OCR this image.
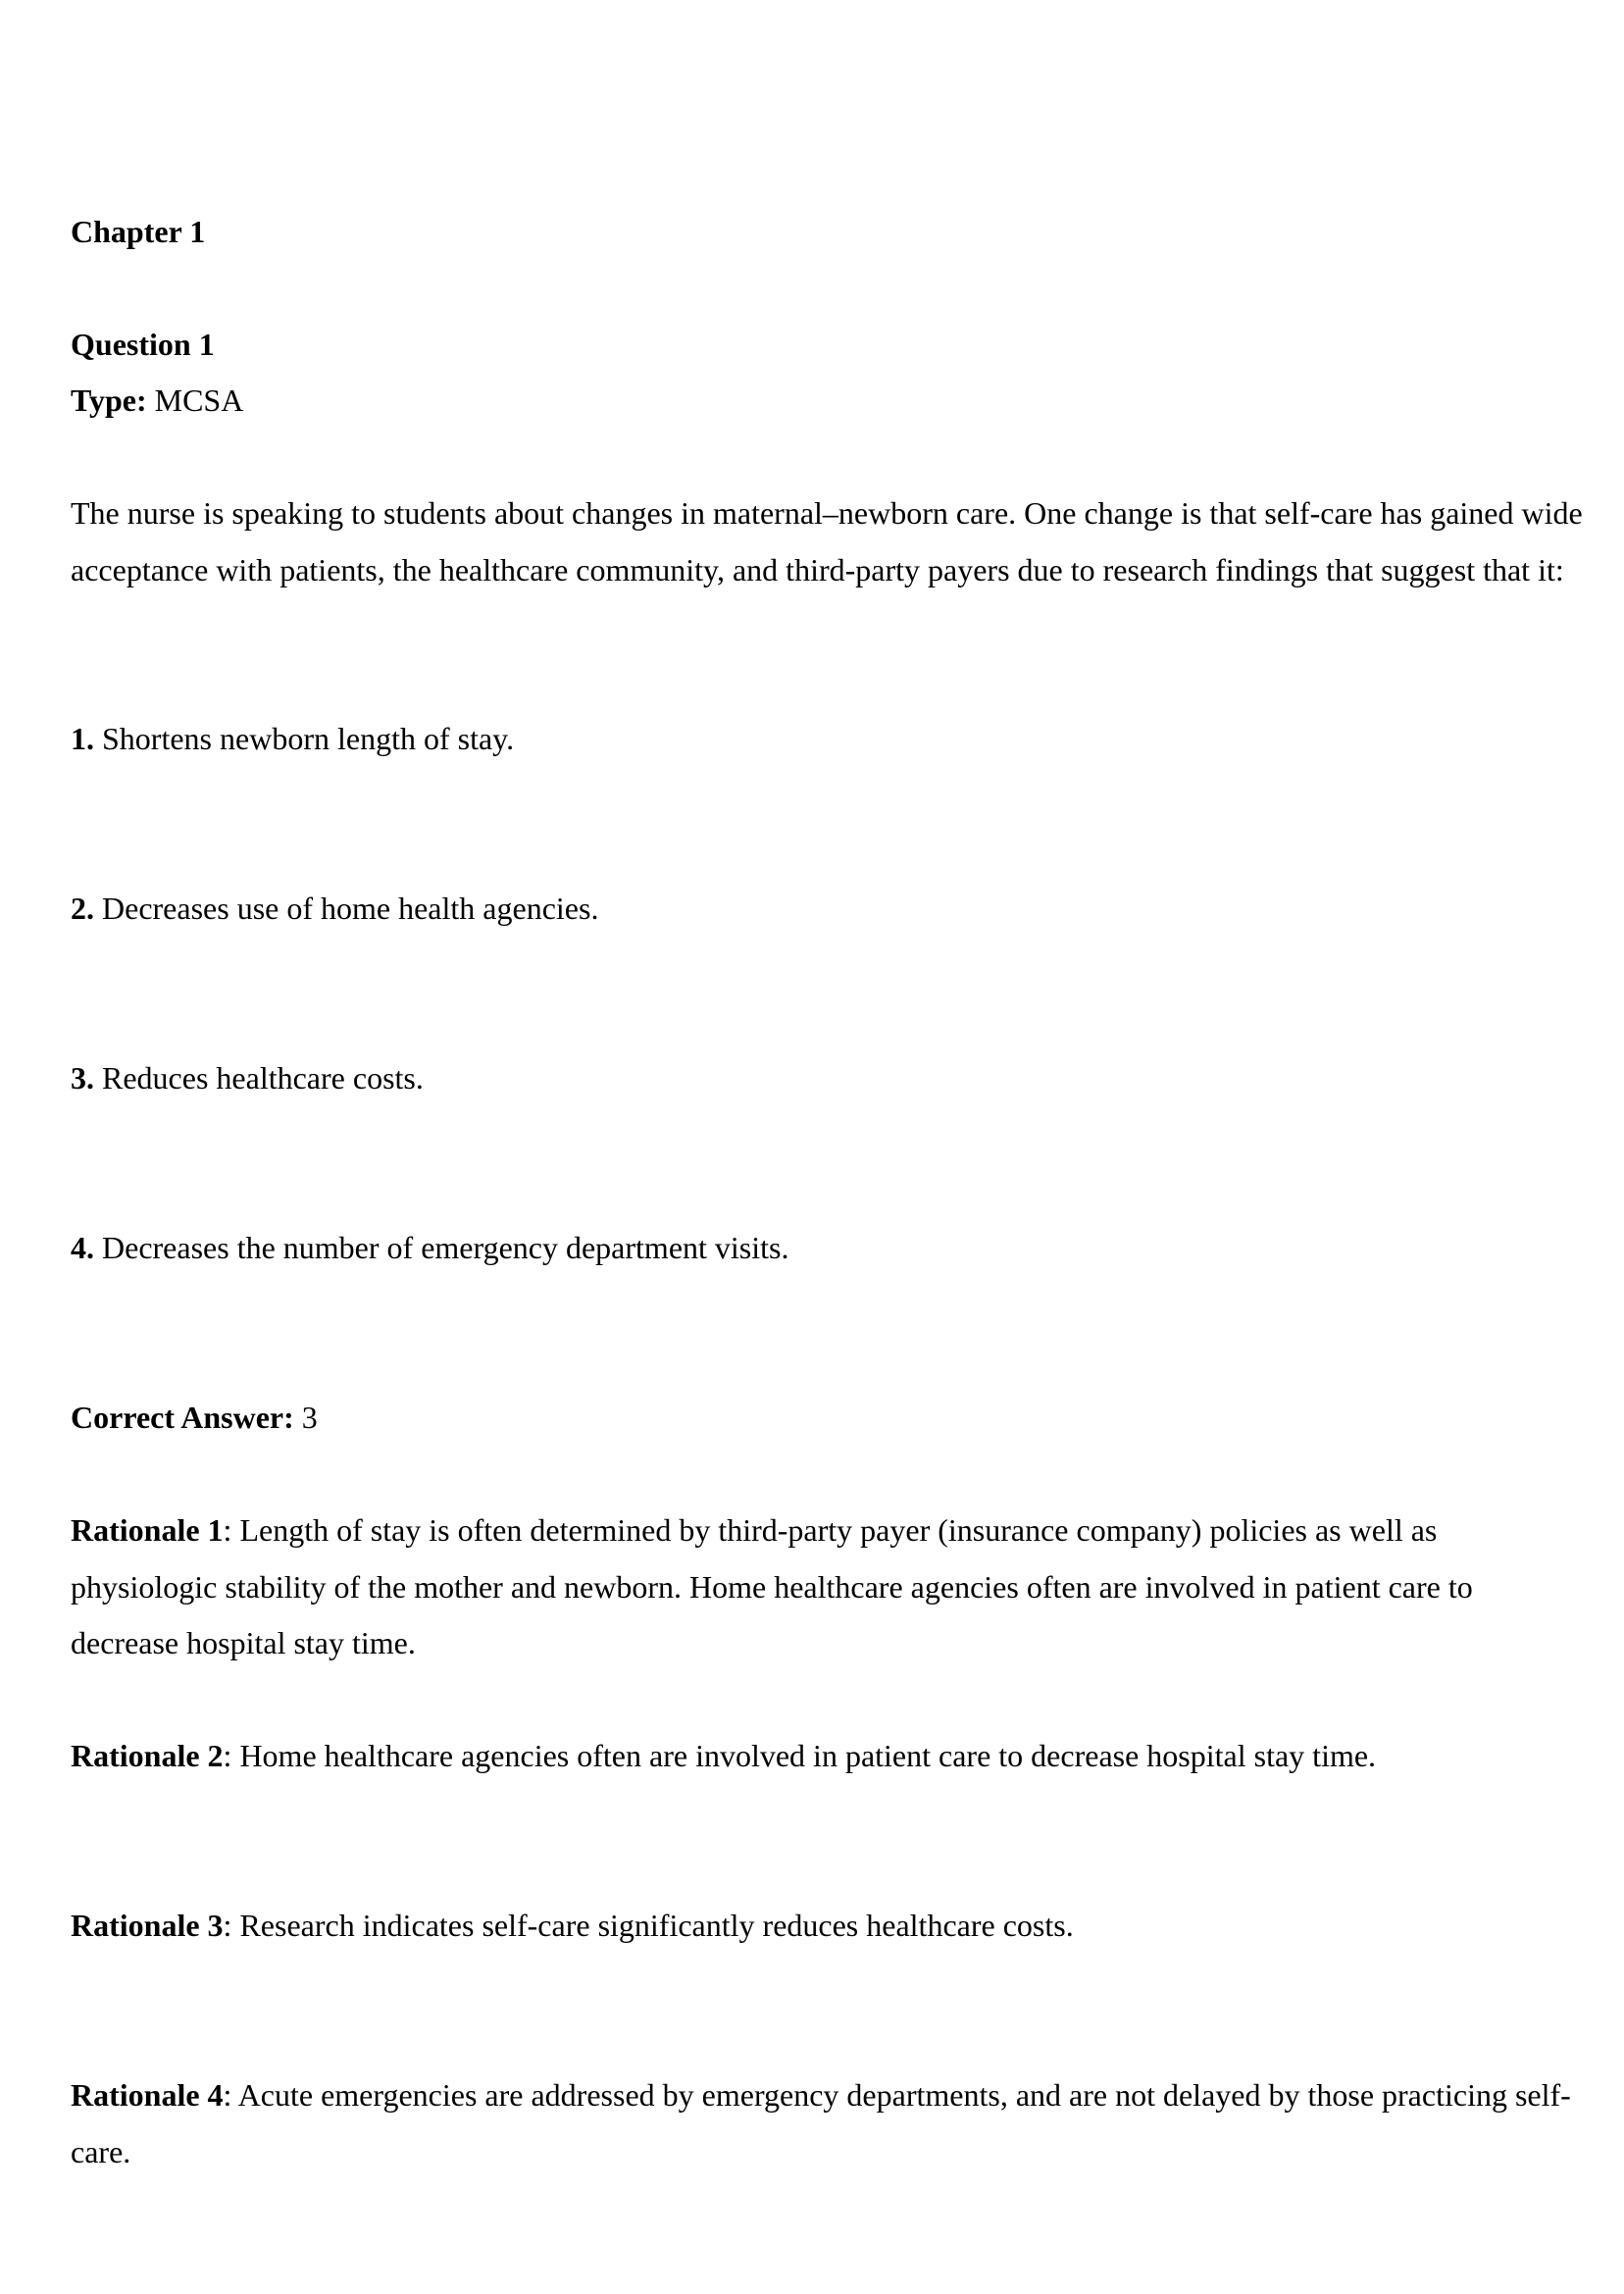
Chapter 1

Question 1

Type: MCSA

The nurse is speaking to students about changes in maternal–newborn care. One change is that self-care has gained wide acceptance with patients, the healthcare community, and third-party payers due to research findings that suggest that it:

1. Shortens newborn length of stay.

2. Decreases use of home health agencies.

3. Reduces healthcare costs.

4. Decreases the number of emergency department visits.

Correct Answer: 3

Rationale 1: Length of stay is often determined by third-party payer (insurance company) policies as well as physiologic stability of the mother and newborn. Home healthcare agencies often are involved in patient care to decrease hospital stay time.

Rationale 2: Home healthcare agencies often are involved in patient care to decrease hospital stay time.

Rationale 3: Research indicates self-care significantly reduces healthcare costs.

Rationale 4: Acute emergencies are addressed by emergency departments, and are not delayed by those practicing self-care.
